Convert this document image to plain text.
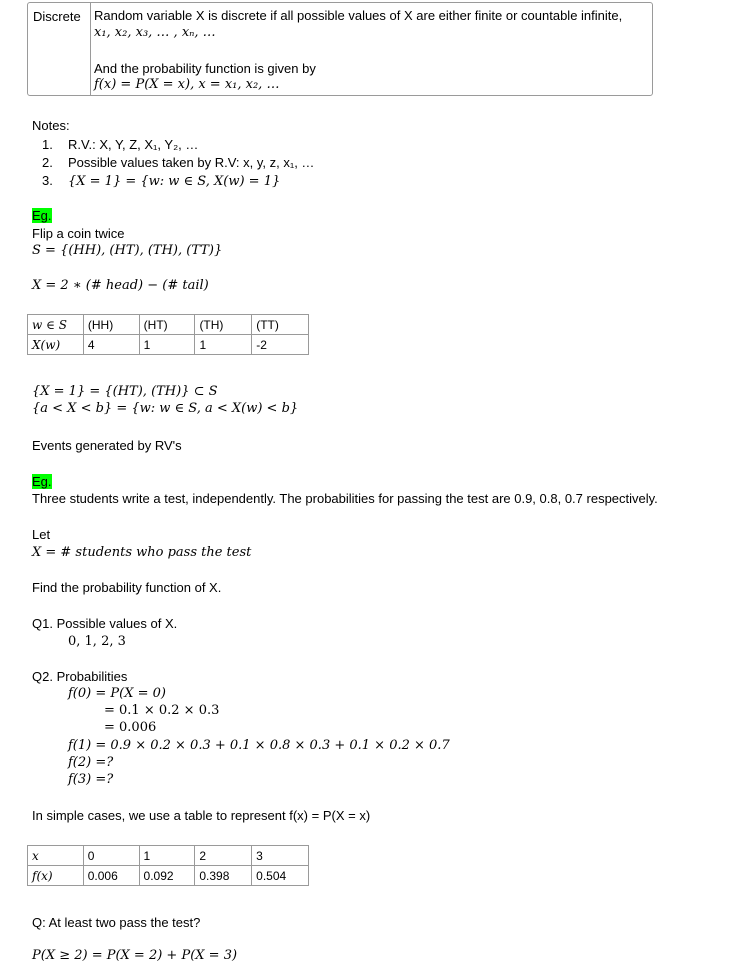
Discrete Random variable X is discrete if all possible values of X are either finite or countable infinite,
x₁, x₂, x₃, … , xₙ, …
And the probability function is given by
f(x) = P(X = x), x = x₁, x₂, …
Notes:
1. R.V.: X, Y, Z, X₁, Y₂, …
2. Possible values taken by R.V: x, y, z, x₁, …
3. {X = 1} = {w: w ∈ S, X(w) = 1}
Eg.
Flip a coin twice
S = {(HH), (HT), (TH), (TT)}
X = 2 ∗ (# head) − (# tail)
w ∈ S	(HH)	(HT)	(TH)	(TT)
X(w)	4	1	1	-2
{X = 1} = {(HT), (TH)} ⊂ S
{a < X < b} = {w: w ∈ S, a < X(w) < b}
Events generated by RV's
Eg.
Three students write a test, independently. The probabilities for passing the test are 0.9, 0.8, 0.7 respectively.
Let
X = # students who pass the test
Find the probability function of X.
Q1. Possible values of X.
0, 1, 2, 3
Q2. Probabilities
f(0) = P(X = 0)
= 0.1 × 0.2 × 0.3
= 0.006
f(1) = 0.9 × 0.2 × 0.3 + 0.1 × 0.8 × 0.3 + 0.1 × 0.2 × 0.7
f(2) =?
f(3) =?
In simple cases, we use a table to represent f(x) = P(X = x)
x	0	1	2	3
f(x)	0.006	0.092	0.398	0.504
Q: At least two pass the test?
P(X ≥ 2) = P(X = 2) + P(X = 3)
